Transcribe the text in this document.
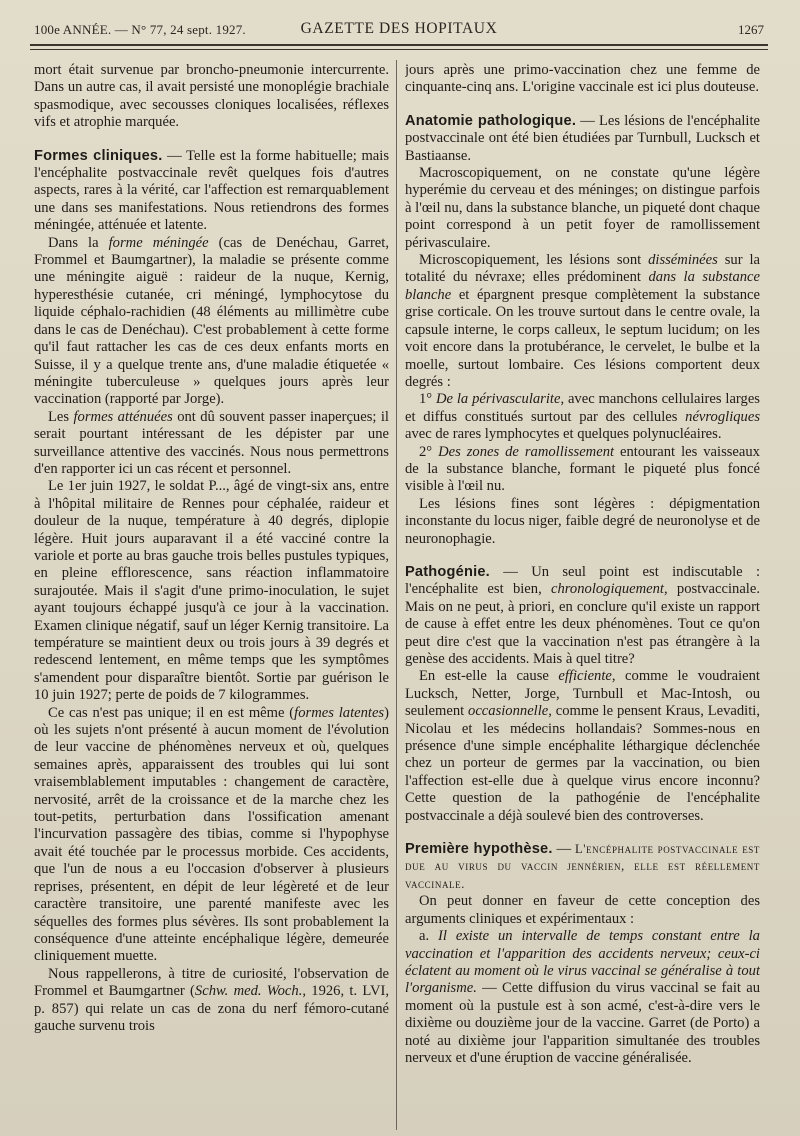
100e ANNÉE. — N° 77, 24 sept. 1927.	GAZETTE DES HOPITAUX	1267

mort était survenue par broncho-pneumonie intercurrente. Dans un autre cas, il avait persisté une monoplégie brachiale spasmodique, avec secousses cloniques localisées, réflexes vifs et atrophie marquée.

Formes cliniques. — Telle est la forme habituelle; mais l'encéphalite postvaccinale revêt quelques fois d'autres aspects, rares à la vérité, car l'affection est remarquablement une dans ses manifestations. Nous retiendrons des formes méningée, atténuée et latente.

Dans la forme méningée (cas de Denéchau, Garret, Frommel et Baumgartner), la maladie se présente comme une méningite aiguë : raideur de la nuque, Kernig, hyperesthésie cutanée, cri méningé, lymphocytose du liquide céphalo-rachidien (48 éléments au millimètre cube dans le cas de Denéchau). C'est probablement à cette forme qu'il faut rattacher les cas de ces deux enfants morts en Suisse, il y a quelque trente ans, d'une maladie étiquetée « méningite tuberculeuse » quelques jours après leur vaccination (rapporté par Jorge).

Les formes atténuées ont dû souvent passer inaperçues; il serait pourtant intéressant de les dépister par une surveillance attentive des vaccinés. Nous nous permettrons d'en rapporter ici un cas récent et personnel.

Le 1er juin 1927, le soldat P..., âgé de vingt-six ans, entre à l'hôpital militaire de Rennes pour céphalée, raideur et douleur de la nuque, température à 40 degrés, diplopie légère. Huit jours auparavant il a été vacciné contre la variole et porte au bras gauche trois belles pustules typiques, en pleine efflorescence, sans réaction inflammatoire surajoutée. Mais il s'agit d'une primo-inoculation, le sujet ayant toujours échappé jusqu'à ce jour à la vaccination. Examen clinique négatif, sauf un léger Kernig transitoire. La température se maintient deux ou trois jours à 39 degrés et redescend lentement, en même temps que les symptômes s'amendent pour disparaître bientôt. Sortie par guérison le 10 juin 1927; perte de poids de 7 kilogrammes.

Ce cas n'est pas unique; il en est même (formes latentes) où les sujets n'ont présenté à aucun moment de l'évolution de leur vaccine de phénomènes nerveux et où, quelques semaines après, apparaissent des troubles qui lui sont vraisemblablement imputables : changement de caractère, nervosité, arrêt de la croissance et de la marche chez les tout-petits, perturbation dans l'ossification amenant l'incurvation passagère des tibias, comme si l'hypophyse avait été touchée par le processus morbide. Ces accidents, que l'un de nous a eu l'occasion d'observer à plusieurs reprises, présentent, en dépit de leur légèreté et de leur caractère transitoire, une parenté manifeste avec les séquelles des formes plus sévères. Ils sont probablement la conséquence d'une atteinte encéphalique légère, demeurée cliniquement muette.

Nous rappellerons, à titre de curiosité, l'observation de Frommel et Baumgartner (Schw. med. Woch., 1926, t. LVI, p. 857) qui relate un cas de zona du nerf fémoro-cutané gauche survenu trois

jours après une primo-vaccination chez une femme de cinquante-cinq ans. L'origine vaccinale est ici plus douteuse.

Anatomie pathologique. — Les lésions de l'encéphalite postvaccinale ont été bien étudiées par Turnbull, Lucksch et Bastiaanse.

Macroscopiquement, on ne constate qu'une légère hyperémie du cerveau et des méninges; on distingue parfois à l'œil nu, dans la substance blanche, un piqueté dont chaque point correspond à un petit foyer de ramollissement périvasculaire.

Microscopiquement, les lésions sont disséminées sur la totalité du névraxe; elles prédominent dans la substance blanche et épargnent presque complètement la substance grise corticale. On les trouve surtout dans le centre ovale, la capsule interne, le corps calleux, le septum lucidum; on les voit encore dans la protubérance, le cervelet, le bulbe et la moelle, surtout lombaire. Ces lésions comportent deux degrés :

1° De la périvascularite, avec manchons cellulaires larges et diffus constitués surtout par des cellules névrogliques avec de rares lymphocytes et quelques polynucléaires.

2° Des zones de ramollissement entourant les vaisseaux de la substance blanche, formant le piqueté plus foncé visible à l'œil nu.

Les lésions fines sont légères : dépigmentation inconstante du locus niger, faible degré de neuronolyse et de neuronophagie.

Pathogénie. — Un seul point est indiscutable : l'encéphalite est bien, chronologiquement, postvaccinale. Mais on ne peut, à priori, en conclure qu'il existe un rapport de cause à effet entre les deux phénomènes. Tout ce qu'on peut dire c'est que la vaccination n'est pas étrangère à la genèse des accidents. Mais à quel titre?

En est-elle la cause efficiente, comme le voudraient Lucksch, Netter, Jorge, Turnbull et Mac-Intosh, ou seulement occasionnelle, comme le pensent Kraus, Levaditi, Nicolau et les médecins hollandais? Sommes-nous en présence d'une simple encéphalite léthargique déclenchée chez un porteur de germes par la vaccination, ou bien l'affection est-elle due à quelque virus encore inconnu? Cette question de la pathogénie de l'encéphalite postvaccinale a déjà soulevé bien des controverses.

Première hypothèse. — L'encéphalite postvaccinale est due au virus du vaccin jennérien, elle est réellement vaccinale.

On peut donner en faveur de cette conception des arguments cliniques et expérimentaux :

a. Il existe un intervalle de temps constant entre la vaccination et l'apparition des accidents nerveux; ceux-ci éclatent au moment où le virus vaccinal se généralise à tout l'organisme. — Cette diffusion du virus vaccinal se fait au moment où la pustule est à son acmé, c'est-à-dire vers le dixième ou douzième jour de la vaccine. Garret (de Porto) a noté au dixième jour l'apparition simultanée des troubles nerveux et d'une éruption de vaccine généralisée.
